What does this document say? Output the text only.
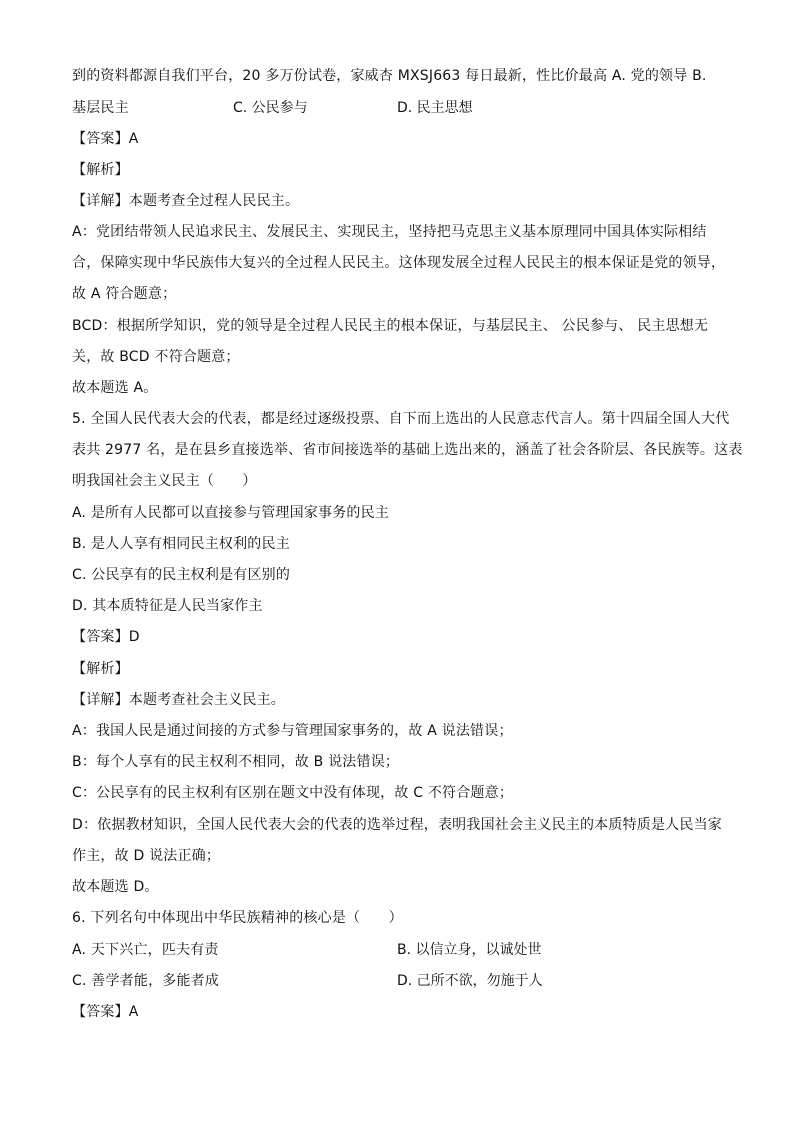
到的资料都源自我们平台，20 多万份试卷，家威杏 MXSJ663 每日最新，性比价最高 A. 党的领导 B.
基层民主	C. 公民参与	D. 民主思想
【答案】A
【解析】
【详解】本题考查全过程人民民主。
A：党团结带领人民追求民主、发展民主、实现民主，坚持把马克思主义基本原理同中国具体实际相结
合，保障实现中华民族伟大复兴的全过程人民民主。这体现发展全过程人民民主的根本保证是党的领导，
故 A 符合题意；
BCD：根据所学知识，党的领导是全过程人民民主的根本保证，与基层民主、 公民参与、 民主思想无
关，故 BCD 不符合题意；
故本题选 A。
5. 全国人民代表大会的代表，都是经过逐级投票、自下而上选出的人民意志代言人。第十四届全国人大代
表共 2977 名，是在县乡直接选举、省市间接选举的基础上选出来的，涵盖了社会各阶层、各民族等。这表
明我国社会主义民主（　　）
A. 是所有人民都可以直接参与管理国家事务的民主
B. 是人人享有相同民主权利的民主
C. 公民享有的民主权利是有区别的
D. 其本质特征是人民当家作主
【答案】D
【解析】
【详解】本题考查社会主义民主。
A：我国人民是通过间接的方式参与管理国家事务的，故 A 说法错误；
B：每个人享有的民主权利不相同，故 B 说法错误；
C：公民享有的民主权利有区别在题文中没有体现，故 C 不符合题意；
D：依据教材知识，全国人民代表大会的代表的选举过程，表明我国社会主义民主的本质特质是人民当家
作主，故 D 说法正确；
故本题选 D。
6. 下列名句中体现出中华民族精神的核心是（　　）
A. 天下兴亡，匹夫有责	B. 以信立身，以诚处世
C. 善学者能，多能者成	D. 己所不欲，勿施于人
【答案】A
